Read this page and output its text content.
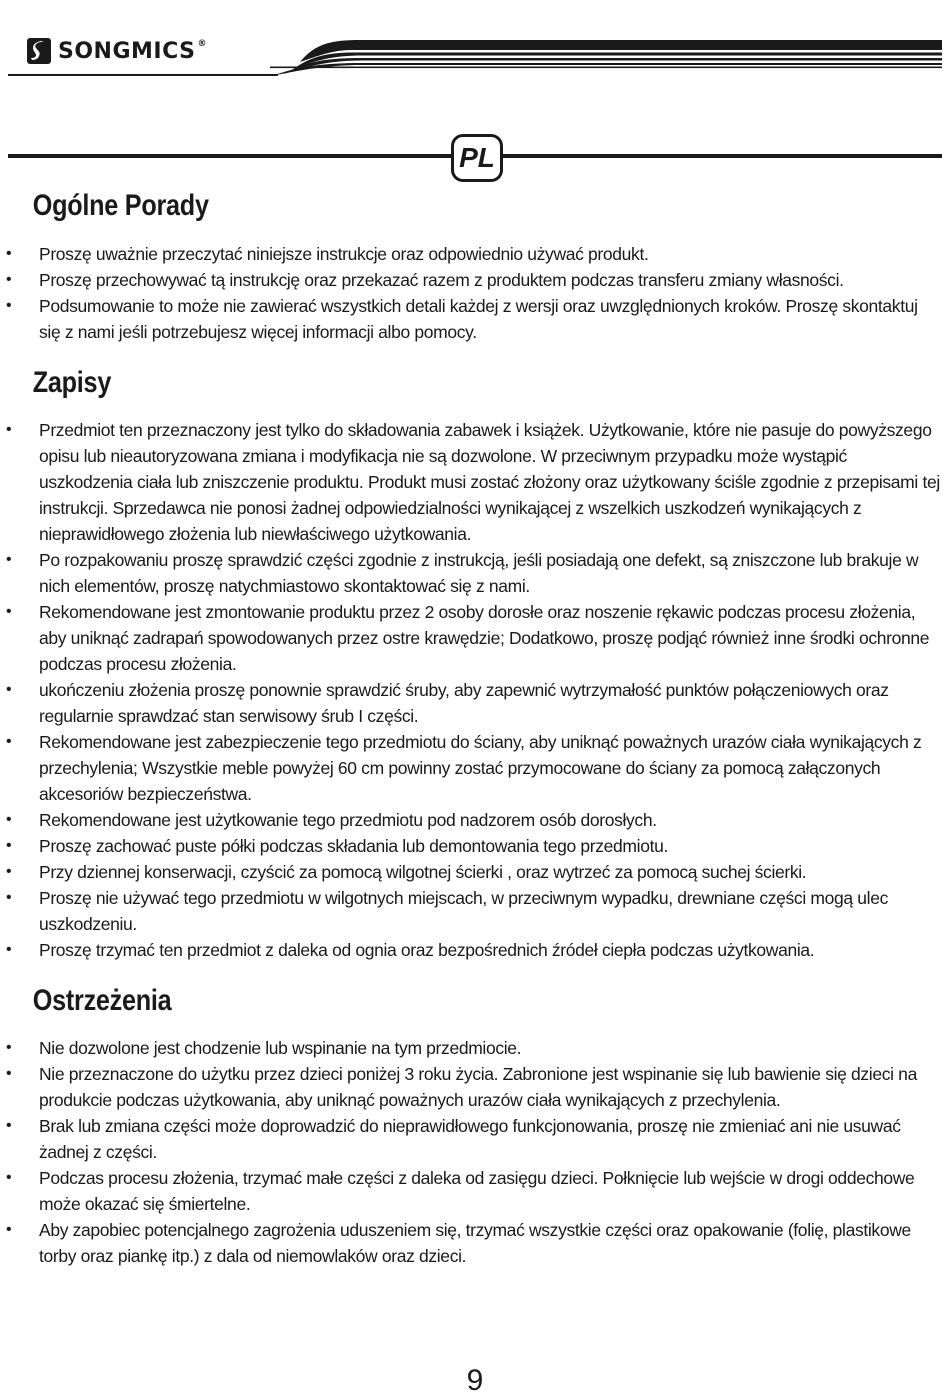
SONGMICS ®
PL
Ogólne Porady
• Proszę uważnie przeczytać niniejsze instrukcje oraz odpowiednio używać produkt.
• Proszę przechowywać tą instrukcję oraz przekazać razem z produktem podczas transferu zmiany własności.
• Podsumowanie to może nie zawierać wszystkich detali każdej z wersji oraz uwzględnionych kroków. Proszę skontaktuj się z nami jeśli potrzebujesz więcej informacji albo pomocy.
Zapisy
• Przedmiot ten przeznaczony jest tylko do składowania zabawek i książek. Użytkowanie, które nie pasuje do powyższego opisu lub nieautoryzowana zmiana i modyfikacja nie są dozwolone. W przeciwnym przypadku może wystąpić uszkodzenia ciała lub zniszczenie produktu. Produkt musi zostać złożony oraz użytkowany ściśle zgodnie z przepisami tej instrukcji. Sprzedawca nie ponosi żadnej odpowiedzialności wynikającej z wszelkich uszkodzeń wynikających z nieprawidłowego złożenia lub niewłaściwego użytkowania.
• Po rozpakowaniu proszę sprawdzić części zgodnie z instrukcją, jeśli posiadają one defekt, są zniszczone lub brakuje w nich elementów, proszę natychmiastowo skontaktować się z nami.
• Rekomendowane jest zmontowanie produktu przez 2 osoby dorosłe oraz noszenie rękawic podczas procesu złożenia, aby uniknąć zadrapań spowodowanych przez ostre krawędzie; Dodatkowo, proszę podjąć również inne środki ochronne podczas procesu złożenia.
• ukończeniu złożenia proszę ponownie sprawdzić śruby, aby zapewnić wytrzymałość punktów połączeniowych oraz regularnie sprawdzać stan serwisowy śrub I części.
• Rekomendowane jest zabezpieczenie tego przedmiotu do ściany, aby uniknąć poważnych urazów ciała wynikających z przechylenia; Wszystkie meble powyżej 60 cm powinny zostać przymocowane do ściany za pomocą załączonych akcesoriów bezpieczeństwa.
• Rekomendowane jest użytkowanie tego przedmiotu pod nadzorem osób dorosłych.
• Proszę zachować puste półki podczas składania lub demontowania tego przedmiotu.
• Przy dziennej konserwacji, czyścić za pomocą wilgotnej ścierki , oraz wytrzeć za pomocą suchej ścierki.
• Proszę nie używać tego przedmiotu w wilgotnych miejscach, w przeciwnym wypadku, drewniane części mogą ulec uszkodzeniu.
• Proszę trzymać ten przedmiot z daleka od ognia oraz bezpośrednich źródeł ciepła podczas użytkowania.
Ostrzeżenia
• Nie dozwolone jest chodzenie lub wspinanie na tym przedmiocie.
• Nie przeznaczone do użytku przez dzieci poniżej 3 roku życia. Zabronione jest wspinanie się lub bawienie się dzieci na produkcie podczas użytkowania, aby uniknąć poważnych urazów ciała wynikających z przechylenia.
• Brak lub zmiana części może doprowadzić do nieprawidłowego funkcjonowania, proszę nie zmieniać ani nie usuwać żadnej z części.
• Podczas procesu złożenia, trzymać małe części z daleka od zasięgu dzieci. Połknięcie lub wejście w drogi oddechowe może okazać się śmiertelne.
• Aby zapobiec potencjalnego zagrożenia uduszeniem się, trzymać wszystkie części oraz opakowanie (folię, plastikowe torby oraz piankę itp.) z dala od niemowlaków oraz dzieci.
9
